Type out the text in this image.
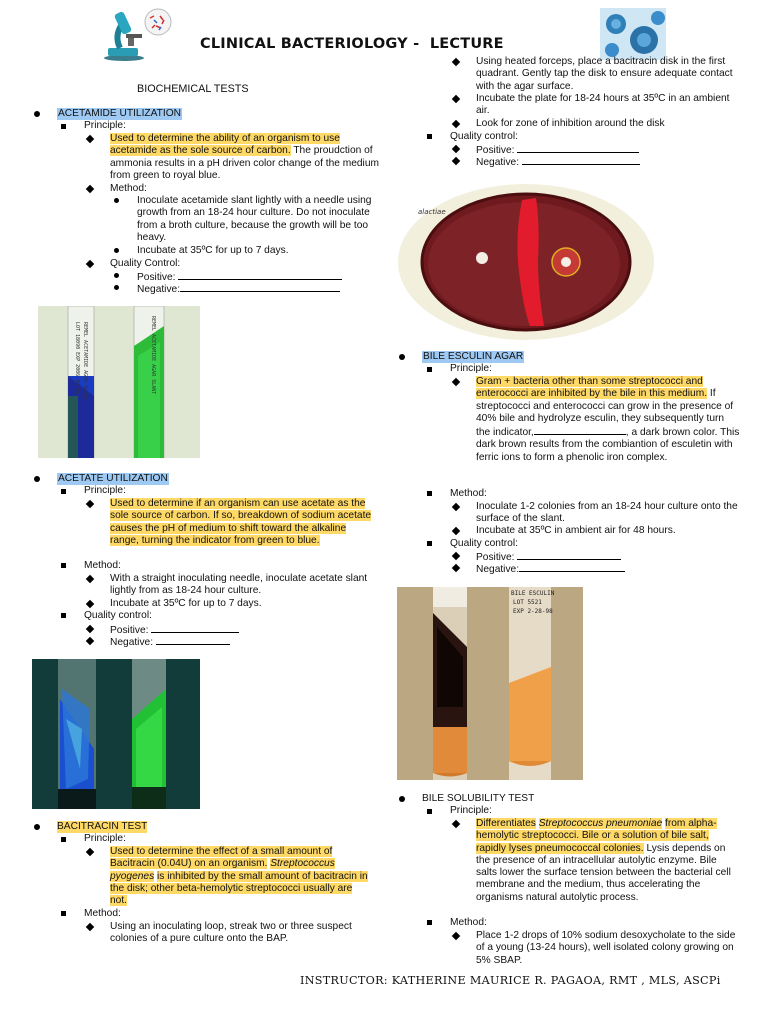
CLINICAL BACTERIOLOGY -  LECTURE
BIOCHEMICAL TESTS
ACETAMIDE UTILIZATION
Principle:
Used to determine the ability of an organism to use acetamide as the sole source of carbon. The proudction of ammonia results in a pH driven color change of the medium from green to royal blue.
Method:
Inoculate acetamide slant lightly with a needle using growth from an 18-24 hour culture. Do not inoculate from a broth culture, because the growth will be too heavy.
Incubate at 35ºC for up to 7 days.
Quality Control:
Positive:
Negative:
REMEL ACETAMIDE AGAR SLANT
LOT 18090 EXP 2006-09-05	REMEL ACETAMIDE AGAR SLANT
ACETATE UTILIZATION
Principle:
Used to determine if an organism can use acetate as the sole source of carbon. If so, breakdown of sodium acetate causes the pH of medium to shift toward the alkaline range, turning the indicator from green to blue.
Method:
With a straight inoculating needle, inoculate acetate slant lightly from as 18-24 hour culture.
Incubate at 35ºC for up to 7 days.
Quality control:
Positive:
Negative:
BACITRACIN TEST
Principle:
Used to determine the effect of a small amount of Bacitracin (0.04U) on an organism. Streptococcus pyogenes is inhibited by the small amount of bacitracin in the disk; other beta-hemolytic streptococci usually are not.
Method:
Using an inoculating loop, streak two or three suspect colonies of a pure culture onto the BAP.
Using heated forceps, place a bacitracin disk in the first quadrant. Gently tap the disk to ensure adequate contact with the agar surface.
Incubate the plate for 18-24 hours at 35ºC in an ambient air.
Look for zone of inhibition around the disk
Quality control:
Positive:
Negative:
alactiae
BILE ESCULIN AGAR
Principle:
Gram + bacteria other than some streptococci and enterococci are inhibited by the bile in this medium. If streptococci and enterococci can grow in the presence of 40% bile and hydrolyze esculin, they subsequently turn the indicator,	, a dark brown color. This dark brown results from the combiantion of esculetin with ferric ions to form a phenolic iron complex.
Method:
Inoculate 1-2 colonies from an 18-24 hour culture onto the surface of the slant.
Incubate at 35ºC in ambient air for 48 hours.
Quality control:
Positive:
Negative:
BILE ESCULIN
LOT 5521
EXP 2-28-98
BILE SOLUBILITY TEST
Principle:
Differentiates Streptococcus pneumoniae from alpha-hemolytic streptococci. Bile or a solution of bile salt, rapidly lyses pneumococcal colonies. Lysis depends on the presence of an intracellular autolytic enzyme. Bile salts lower the surface tension between the bacterial cell membrane and the medium, thus accelerating the organisms natural autolytic process.
Method:
Place 1-2 drops of 10% sodium desoxycholate to the side of a young (13-24 hours), well isolated colony growing on 5% SBAP.
INSTRUCTOR: KATHERINE MAURICE R. PAGAOA, RMT , MLS, ASCPi
